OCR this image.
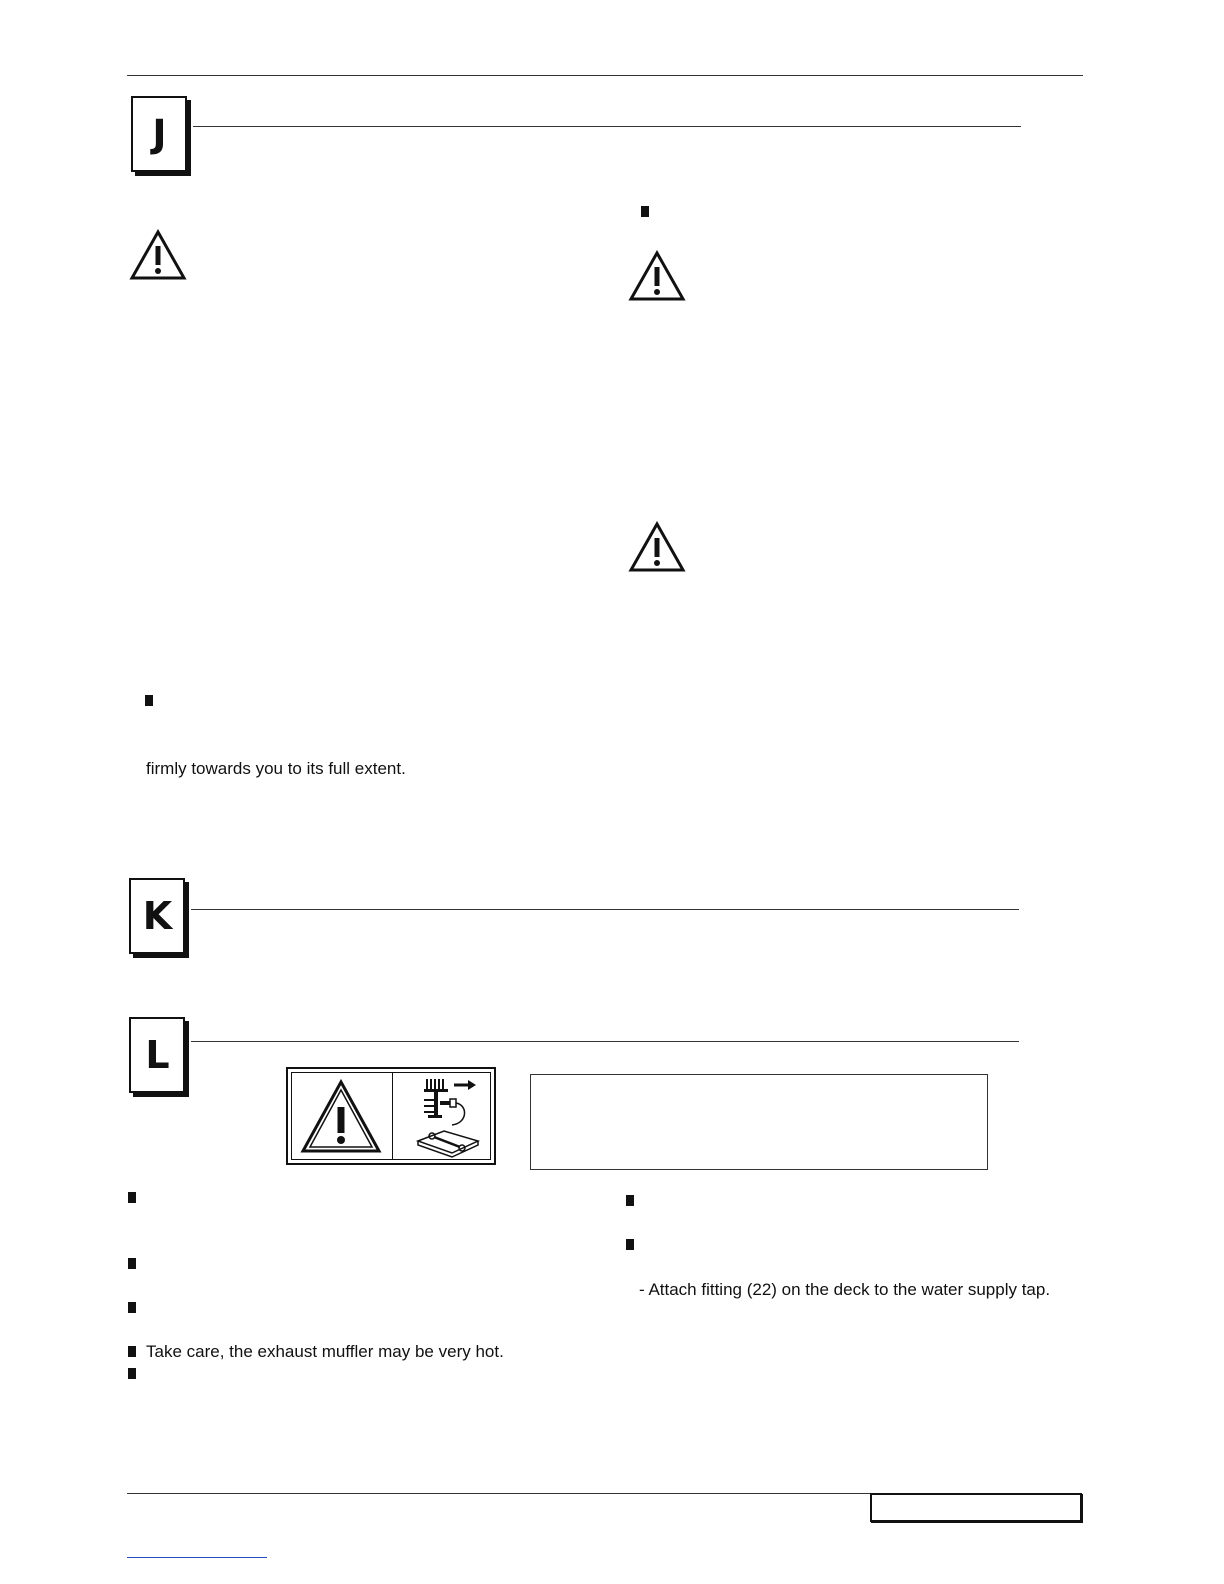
J
firmly towards you to its full extent.
K
L
Take care, the exhaust muffler may be very hot.
- Attach fitting (22) on the deck to the water supply tap.
